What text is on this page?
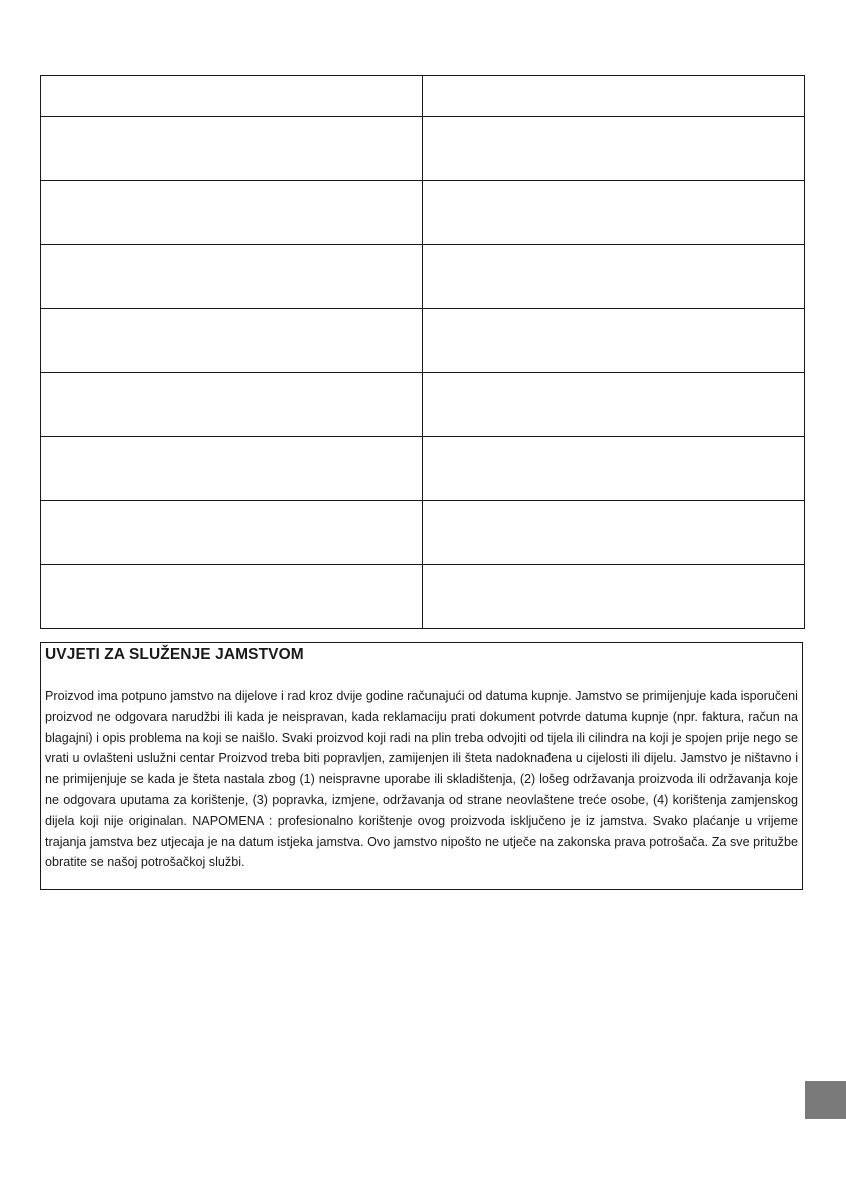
UVJETI ZA SLUŽENJE JAMSTVOM

Proizvod ima potpuno jamstvo na dijelove i rad kroz dvije godine računajući od datuma kupnje. Jamstvo se primijenjuje kada isporučeni proizvod ne odgovara narudžbi ili kada je neispravan, kada reklamaciju prati dokument potvrde datuma kupnje (npr. faktura, račun na blagajni) i opis problema na koji se naišlo. Svaki proizvod koji radi na plin treba odvojiti od tijela ili cilindra na koji je spojen prije nego se vrati u ovlašteni uslužni centar Proizvod treba biti popravljen, zamijenjen ili šteta nadoknađena u cijelosti ili dijelu. Jamstvo je ništavno i ne primijenjuje se kada je šteta nastala zbog (1) neispravne uporabe ili skladištenja, (2) lošeg održavanja proizvoda ili održavanja koje ne odgovara uputama za korištenje, (3) popravka, izmjene, održavanja od strane neovlaštene treće osobe, (4) korištenja zamjenskog dijela koji nije originalan. NAPOMENA : profesionalno korištenje ovog proizvoda isključeno je iz jamstva. Svako plaćanje u vrijeme trajanja jamstva bez utjecaja je na datum istjeka jamstva. Ovo jamstvo nipošto ne utječe na zakonska prava potrošača. Za sve pritužbe obratite se našoj potrošačkoj službi.
